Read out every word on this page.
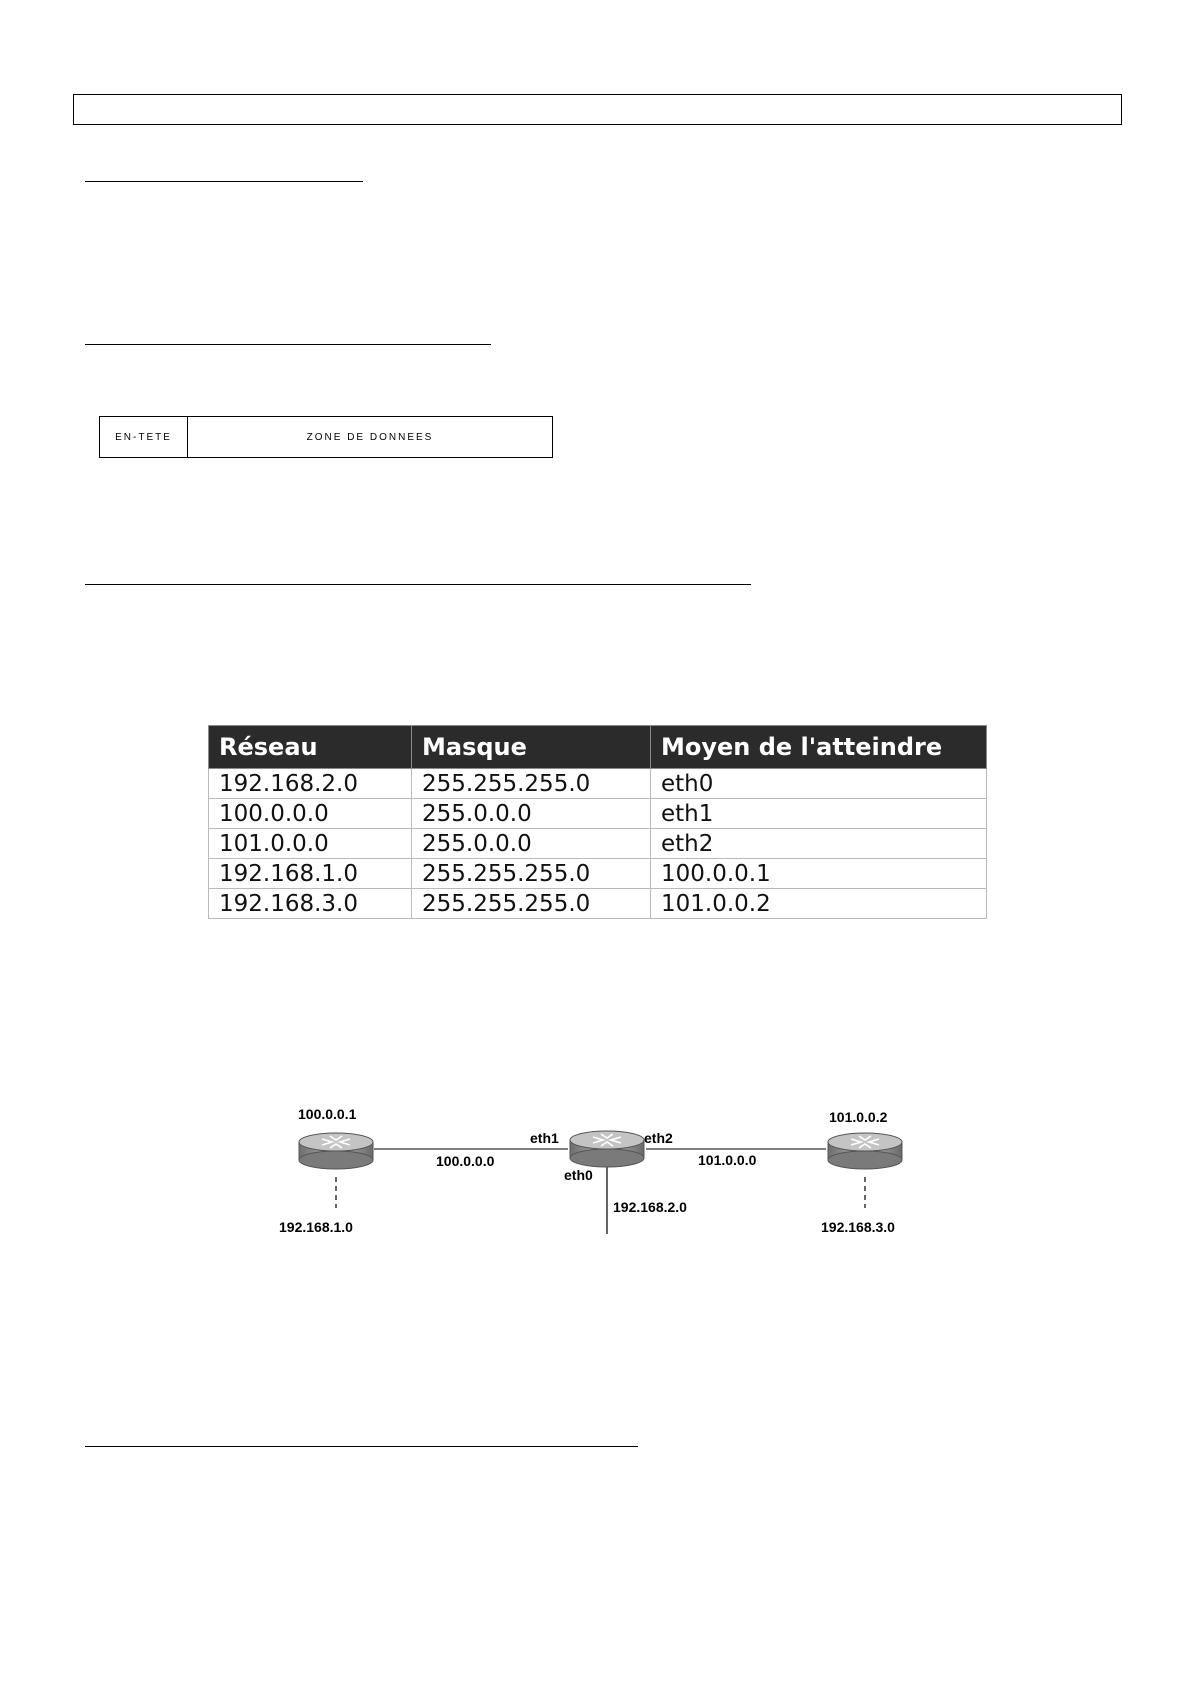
EN-TETE	ZONE DE DONNEES
Réseau	Masque	Moyen de l'atteindre
192.168.2.0	255.255.255.0	eth0
100.0.0.0	255.0.0.0	eth1
101.0.0.0	255.0.0.0	eth2
192.168.1.0	255.255.255.0	100.0.0.1
192.168.3.0	255.255.255.0	101.0.0.2
100.0.0.1
192.168.1.0
100.0.0.0
eth1	eth2
eth0
192.168.2.0
101.0.0.0
101.0.0.2
192.168.3.0
